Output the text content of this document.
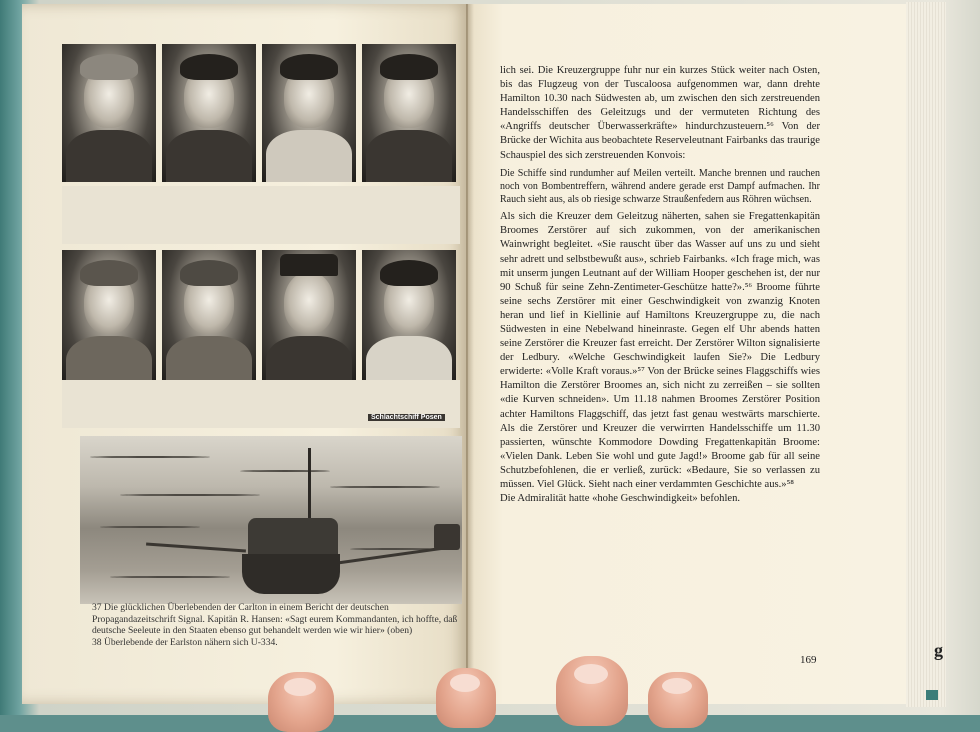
Schlachtschiff Posen

37 Die glücklichen Überlebenden der Carlton in einem Bericht der deutschen Propagandazeitschrift Signal. Kapitän R. Hansen: «Sagt eurem Kommandanten, ich hoffte, daß deutsche Seeleute in den Staaten ebenso gut behandelt werden wie wir hier» (oben)

38 Überlebende der Earlston nähern sich U-334.

lich sei. Die Kreuzergruppe fuhr nur ein kurzes Stück weiter nach Osten, bis das Flugzeug von der Tuscaloosa aufgenommen war, dann drehte Hamilton 10.30 nach Südwesten ab, um zwischen den sich zerstreuenden Handelsschiffen des Geleitzugs und der vermuteten Richtung des «Angriffs deutscher Überwasserkräfte» hindurchzusteuern.⁵⁶ Von der Brücke der Wichita aus beobachtete Reserveleutnant Fairbanks das traurige Schauspiel des sich zerstreuenden Konvois:

Die Schiffe sind rundumher auf Meilen verteilt. Manche brennen und rauchen noch von Bombentreffern, während andere gerade erst Dampf aufmachen. Ihr Rauch sieht aus, als ob riesige schwarze Straußenfedern aus Röhren wüchsen.

Als sich die Kreuzer dem Geleitzug näherten, sahen sie Fregattenkapitän Broomes Zerstörer auf sich zukommen, von der amerikanischen Wainwright begleitet. «Sie rauscht über das Wasser auf uns zu und sieht sehr adrett und selbstbewußt aus», schrieb Fairbanks. «Ich frage mich, was mit unserm jungen Leutnant auf der William Hooper geschehen ist, der nur 90 Schuß für seine Zehn-Zentimeter-Geschütze hatte?».⁵⁶ Broome führte seine sechs Zerstörer mit einer Geschwindigkeit von zwanzig Knoten heran und lief in Kiellinie auf Hamiltons Kreuzergruppe zu, die nach Südwesten in eine Nebelwand hineinraste. Gegen elf Uhr abends hatten seine Zerstörer die Kreuzer fast erreicht. Der Zerstörer Wilton signalisierte der Ledbury. «Welche Geschwindigkeit laufen Sie?» Die Ledbury erwiderte: «Volle Kraft voraus.»⁵⁷ Von der Brücke seines Flaggschiffs wies Hamilton die Zerstörer Broomes an, sich nicht zu zerreißen – sie sollten «die Kurven schneiden». Um 11.18 nahmen Broomes Zerstörer Position achter Hamiltons Flaggschiff, das jetzt fast genau westwärts marschierte. Als die Zerstörer und Kreuzer die verwirrten Handelsschiffe um 11.30 passierten, wünschte Kommodore Dowding Fregattenkapitän Broome: «Vielen Dank. Leben Sie wohl und gute Jagd!» Broome gab für all seine Schutzbefohlenen, die er verließ, zurück: «Bedaure, Sie so verlassen zu müssen. Viel Glück. Sieht nach einer verdammten Geschichte aus.»⁵⁸

Die Admiralität hatte «hohe Geschwindigkeit» befohlen.

169	g
